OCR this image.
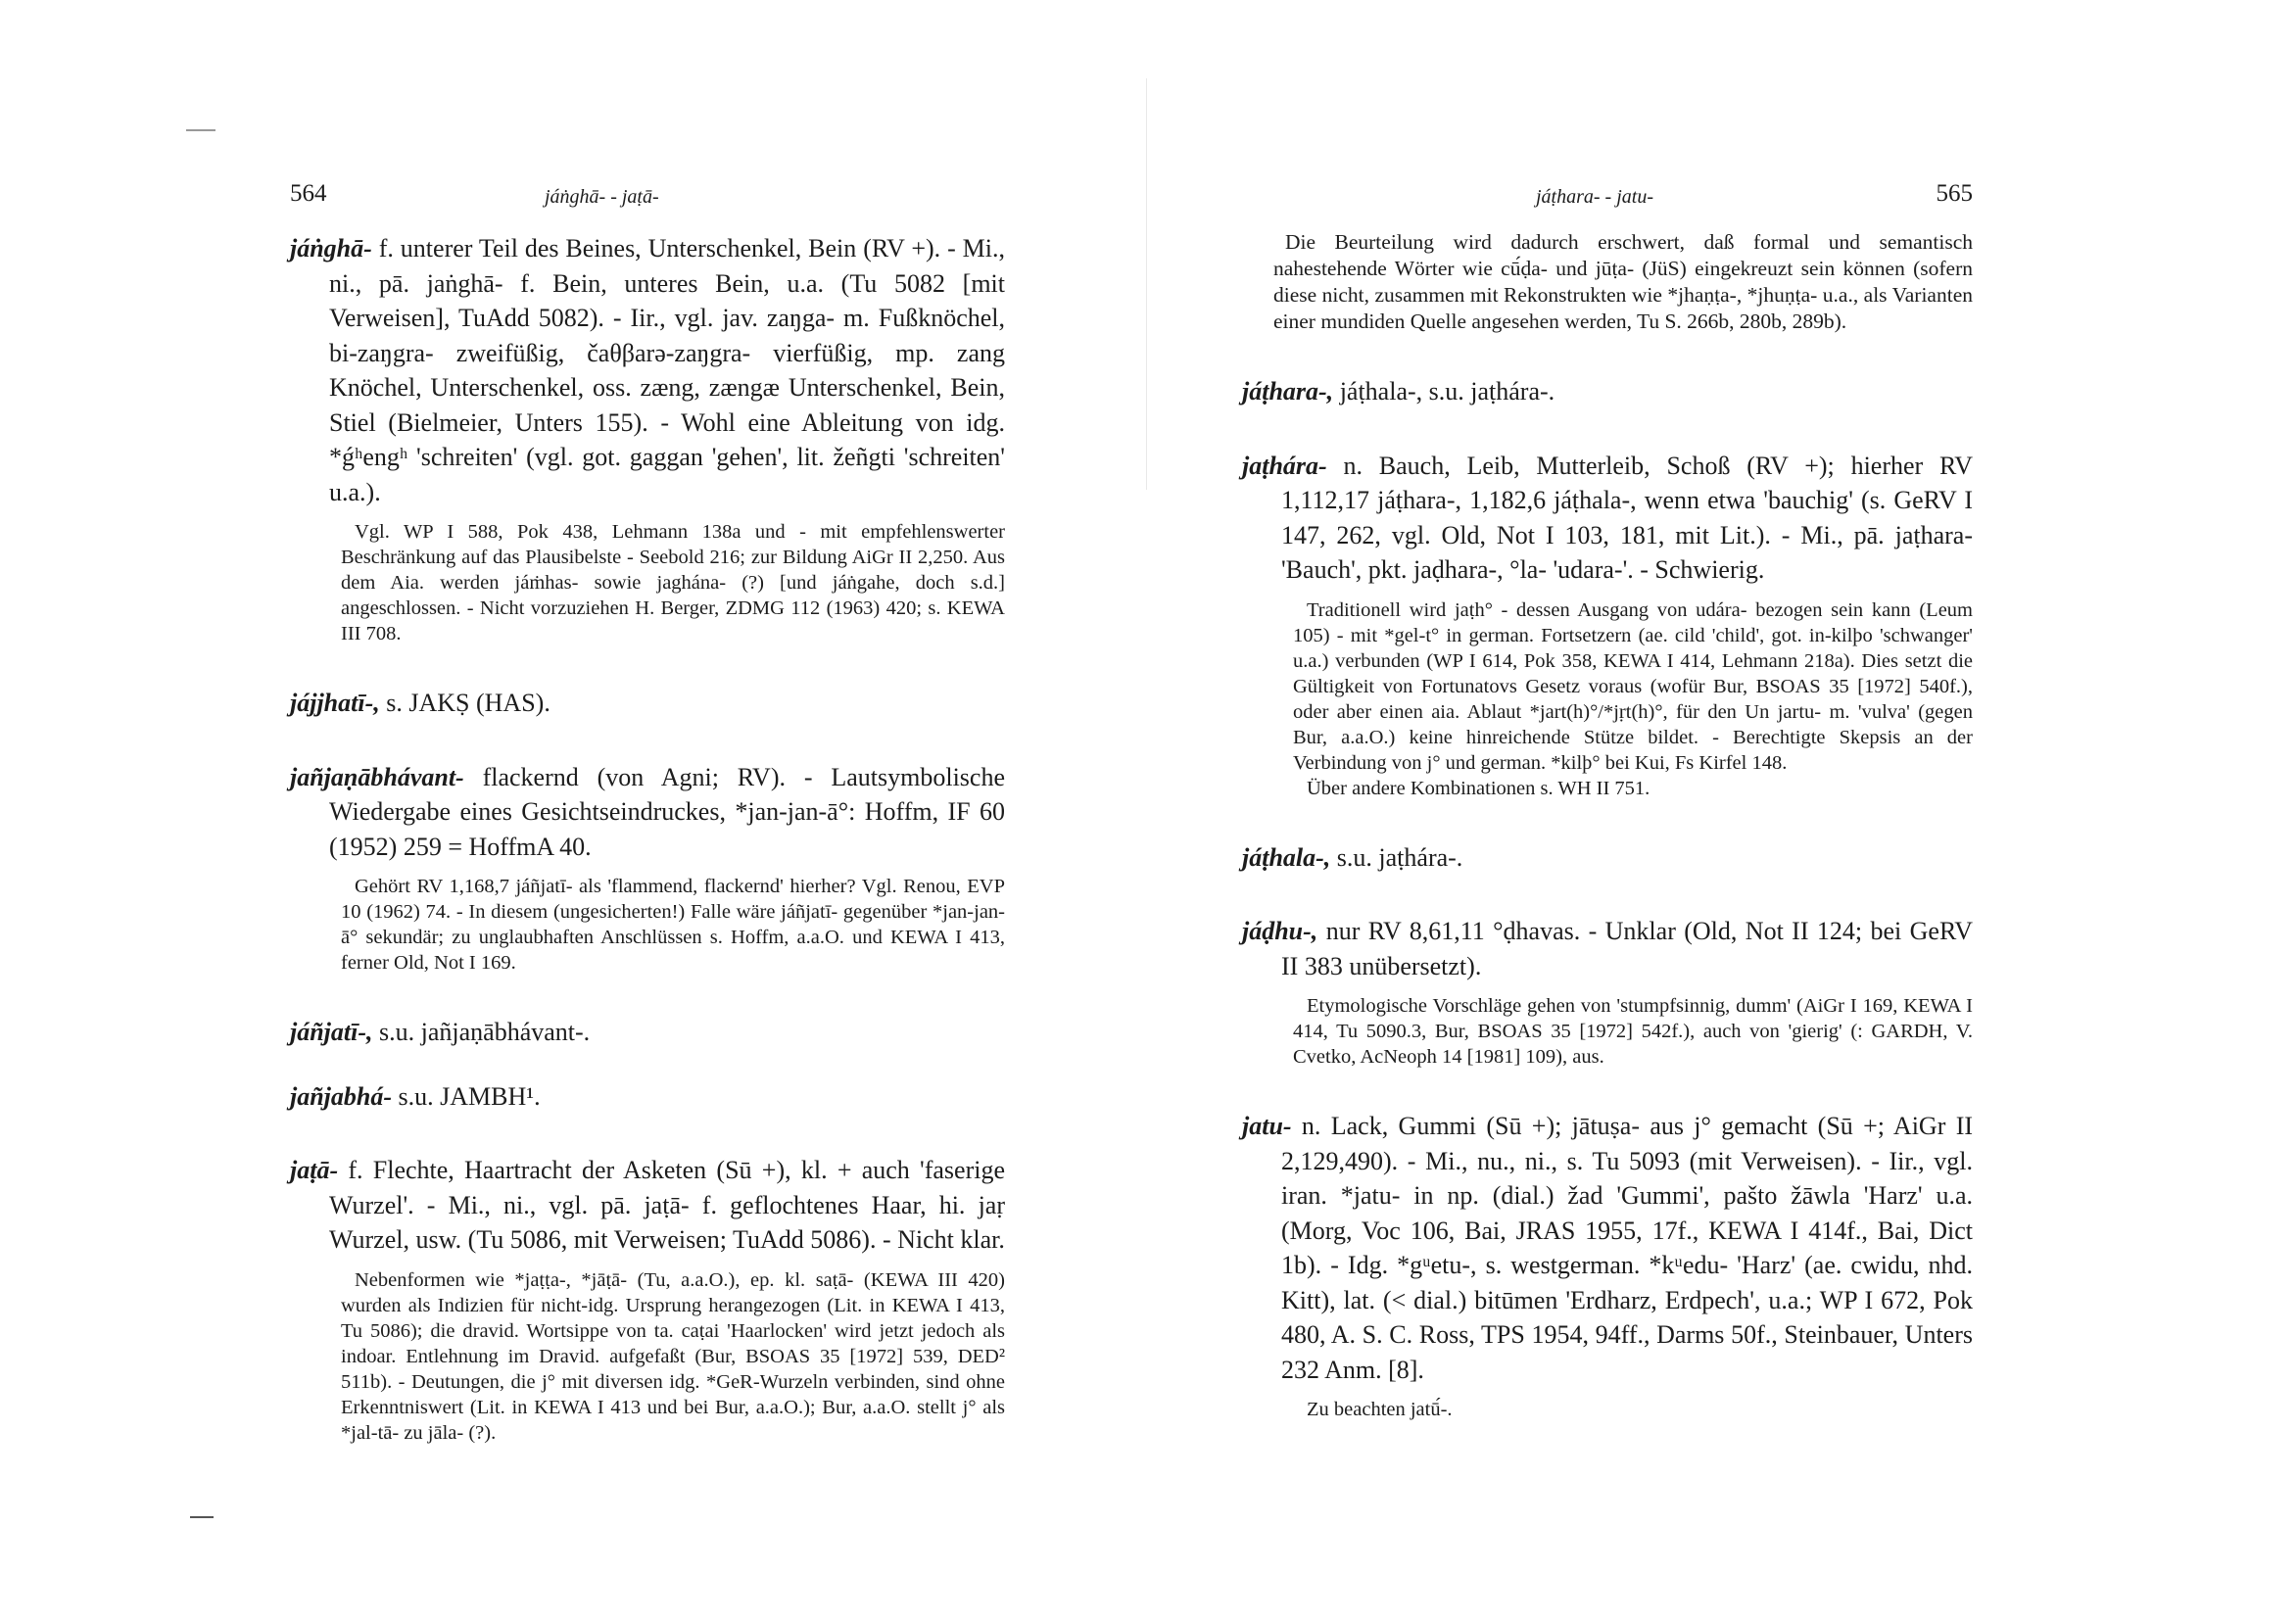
564	jáṅghā- - jaṭā-

jáṅghā- f. unterer Teil des Beines, Unterschenkel, Bein (RV +). - Mi., ni., pā. jaṅghā- f. Bein, unteres Bein, u.a. (Tu 5082 [mit Verweisen], TuAdd 5082). - Iir., vgl. jav. zaŋga- m. Fußknöchel, bi-zaŋgra- zweifüßig, čaθβarə-zaŋgra- vierfüßig, mp. zang Knöchel, Unterschenkel, oss. zæng, zængæ Unterschenkel, Bein, Stiel (Bielmeier, Unters 155). - Wohl eine Ableitung von idg. *ǵʰengʰ 'schreiten' (vgl. got. gaggan 'gehen', lit. žeñgti 'schreiten' u.a.).

Vgl. WP I 588, Pok 438, Lehmann 138a und - mit empfehlenswerter Beschränkung auf das Plausibelste - Seebold 216; zur Bildung AiGr II 2,250. Aus dem Aia. werden jáṁhas- sowie jaghána- (?) [und jáṅgahe, doch s.d.] angeschlossen. - Nicht vorzuziehen H. Berger, ZDMG 112 (1963) 420; s. KEWA III 708.

jájjhatī-, s. JAKṢ (HAS).

jañjaṇābhávant- flackernd (von Agni; RV). - Lautsymbolische Wiedergabe eines Gesichtseindruckes, *jan-jan-ā°: Hoffm, IF 60 (1952) 259 = HoffmA 40.

Gehört RV 1,168,7 jáñjatī- als 'flammend, flackernd' hierher? Vgl. Renou, EVP 10 (1962) 74. - In diesem (ungesicherten!) Falle wäre jáñjatī- gegenüber *jan-jan-ā° sekundär; zu unglaubhaften Anschlüssen s. Hoffm, a.a.O. und KEWA I 413, ferner Old, Not I 169.

jáñjatī-, s.u. jañjaṇābhávant-.

jañjabhá- s.u. JAMBH¹.

jaṭā- f. Flechte, Haartracht der Asketen (Sū +), kl. + auch 'faserige Wurzel'. - Mi., ni., vgl. pā. jaṭā- f. geflochtenes Haar, hi. jaṛ Wurzel, usw. (Tu 5086, mit Verweisen; TuAdd 5086). - Nicht klar.

Nebenformen wie *jaṭṭa-, *jāṭā- (Tu, a.a.O.), ep. kl. saṭā- (KEWA III 420) wurden als Indizien für nicht-idg. Ursprung herangezogen (Lit. in KEWA I 413, Tu 5086); die dravid. Wortsippe von ta. caṭai 'Haarlocken' wird jetzt jedoch als indoar. Entlehnung im Dravid. aufgefaßt (Bur, BSOAS 35 [1972] 539, DED² 511b). - Deutungen, die j° mit diversen idg. *GeR-Wurzeln verbinden, sind ohne Erkenntniswert (Lit. in KEWA I 413 und bei Bur, a.a.O.); Bur, a.a.O. stellt j° als *jal-tā- zu jāla- (?).

jáṭhara- - jatu-	565

Die Beurteilung wird dadurch erschwert, daß formal und semantisch nahestehende Wörter wie cū́ḍa- und jūṭa- (JüS) eingekreuzt sein können (sofern diese nicht, zusammen mit Rekonstrukten wie *jhaṇṭa-, *jhuṇṭa- u.a., als Varianten einer mundiden Quelle angesehen werden, Tu S. 266b, 280b, 289b).

jáṭhara-, jáṭhala-, s.u. jaṭhára-.

jaṭhára- n. Bauch, Leib, Mutterleib, Schoß (RV +); hierher RV 1,112,17 jáṭhara-, 1,182,6 jáṭhala-, wenn etwa 'bauchig' (s. GeRV I 147, 262, vgl. Old, Not I 103, 181, mit Lit.). - Mi., pā. jaṭhara- 'Bauch', pkt. jaḍhara-, °la- 'udara-'. - Schwierig.

Traditionell wird jaṭh° - dessen Ausgang von udára- bezogen sein kann (Leum 105) - mit *gel-t° in german. Fortsetzern (ae. cild 'child', got. in-kilþo 'schwanger' u.a.) verbunden (WP I 614, Pok 358, KEWA I 414, Lehmann 218a). Dies setzt die Gültigkeit von Fortunatovs Gesetz voraus (wofür Bur, BSOAS 35 [1972] 540f.), oder aber einen aia. Ablaut *jart(h)°/*jṛt(h)°, für den Un jartu- m. 'vulva' (gegen Bur, a.a.O.) keine hinreichende Stütze bildet. - Berechtigte Skepsis an der Verbindung von j° und german. *kilþ° bei Kui, Fs Kirfel 148.

Über andere Kombinationen s. WH II 751.

jáṭhala-, s.u. jaṭhára-.

jáḍhu-, nur RV 8,61,11 °ḍhavas. - Unklar (Old, Not II 124; bei GeRV II 383 unübersetzt).

Etymologische Vorschläge gehen von 'stumpfsinnig, dumm' (AiGr I 169, KEWA I 414, Tu 5090.3, Bur, BSOAS 35 [1972] 542f.), auch von 'gierig' (: GARDH, V. Cvetko, AcNeoph 14 [1981] 109), aus.

jatu- n. Lack, Gummi (Sū +); jātuṣa- aus j° gemacht (Sū +; AiGr II 2,129,490). - Mi., nu., ni., s. Tu 5093 (mit Verweisen). - Iir., vgl. iran. *jatu- in np. (dial.) žad 'Gummi', pašto žāwla 'Harz' u.a. (Morg, Voc 106, Bai, JRAS 1955, 17f., KEWA I 414f., Bai, Dict 1b). - Idg. *gᵘetu-, s. westgerman. *kᵘedu- 'Harz' (ae. cwidu, nhd. Kitt), lat. (< dial.) bitūmen 'Erdharz, Erdpech', u.a.; WP I 672, Pok 480, A. S. C. Ross, TPS 1954, 94ff., Darms 50f., Steinbauer, Unters 232 Anm. [8].

Zu beachten jatū́-.
